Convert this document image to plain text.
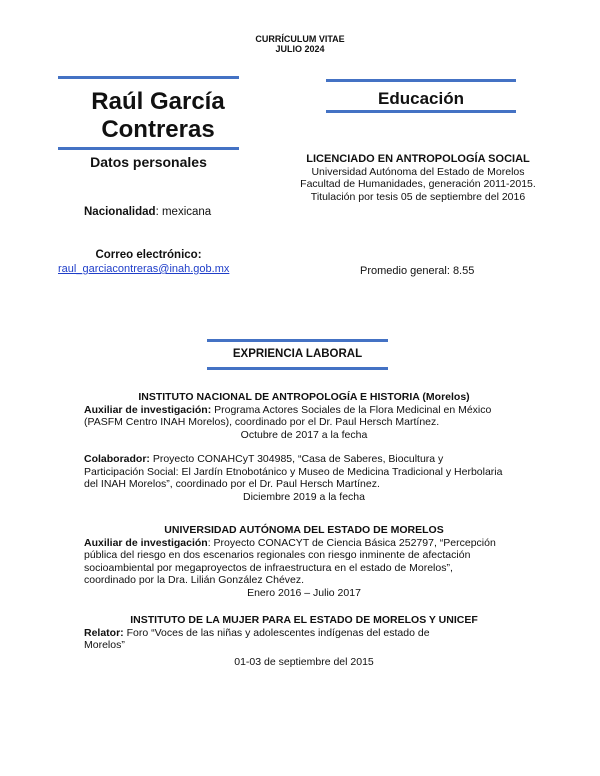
CURRÍCULUM VITAE
JULIO 2024
Raúl García
Contreras
Datos personales
Nacionalidad: mexicana
Correo electrónico:
raul_garciacontreras@inah.gob.mx
Educación
LICENCIADO EN ANTROPOLOGÍA SOCIAL
Universidad Autónoma del Estado de Morelos
Facultad de Humanidades, generación 2011-2015.
Titulación por tesis 05 de septiembre del 2016
Promedio general: 8.55
EXPRIENCIA LABORAL
INSTITUTO NACIONAL DE ANTROPOLOGÍA E HISTORIA (Morelos)
Auxiliar de investigación: Programa Actores Sociales de la Flora Medicinal en México
(PASFM Centro INAH Morelos), coordinado por el Dr. Paul Hersch Martínez.
Octubre de 2017 a la fecha
Colaborador: Proyecto CONAHCyT 304985, “Casa de Saberes, Biocultura y
Participación Social: El Jardín Etnobotánico y Museo de Medicina Tradicional y Herbolaria
del INAH Morelos”, coordinado por el Dr. Paul Hersch Martínez.
Diciembre 2019 a la fecha
UNIVERSIDAD AUTÓNOMA DEL ESTADO DE MORELOS
Auxiliar de investigación: Proyecto CONACYT de Ciencia Básica 252797, “Percepción
pública del riesgo en dos escenarios regionales con riesgo inminente de afectación
socioambiental por megaproyectos de infraestructura en el estado de Morelos”,
coordinado por la Dra. Lilián González Chévez.
Enero 2016 – Julio 2017
INSTITUTO DE LA MUJER PARA EL ESTADO DE MORELOS Y UNICEF
Relator: Foro “Voces de las niñas y adolescentes indígenas del estado de
Morelos”
01-03 de septiembre del 2015
